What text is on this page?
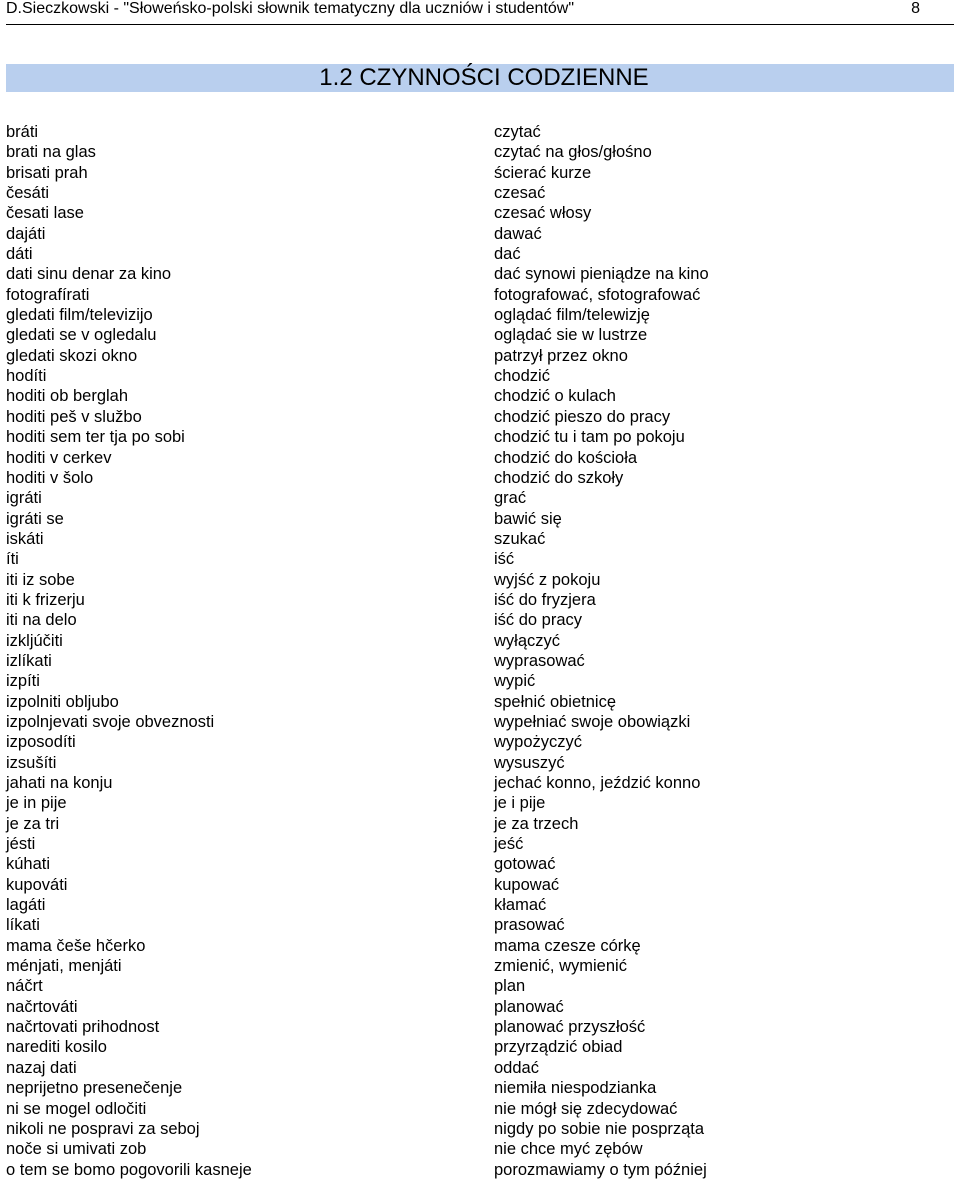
D.Sieczkowski - "Słoweńsko-polski słownik tematyczny dla uczniów i studentów"	8
1.2 CZYNNOŚCI CODZIENNE
bráti	czytać
brati na glas	czytać na głos/głośno
brisati prah	ścierać kurze
česáti	czesać
česati lase	czesać włosy
dajáti	dawać
dáti	dać
dati sinu denar za kino	dać synowi pieniądze na kino
fotografírati	fotografować, sfotografować
gledati film/televizijo	oglądać film/telewizję
gledati se v ogledalu	oglądać sie w lustrze
gledati skozi okno	patrzył przez okno
hodíti	chodzić
hoditi ob berglah	chodzić o kulach
hoditi peš v službo	chodzić pieszo do pracy
hoditi sem ter tja po sobi	chodzić tu i tam po pokoju
hoditi v cerkev	chodzić do kościoła
hoditi v šolo	chodzić do szkoły
igráti	grać
igráti se	bawić się
iskáti	szukać
íti	iść
iti iz sobe	wyjść z pokoju
iti k frizerju	iść do fryzjera
iti na delo	iść do pracy
izkljúčiti	wyłączyć
izlíkati	wyprasować
izpíti	wypić
izpolniti obljubo	spełnić obietnicę
izpolnjevati svoje obveznosti	wypełniać swoje obowiązki
izposodíti	wypożyczyć
izsušíti	wysuszyć
jahati na konju	jechać konno, jeździć konno
je in pije	je i pije
je za tri	je za trzech
jésti	jeść
kúhati	gotować
kupováti	kupować
lagáti	kłamać
líkati	prasować
mama češe hčerko	mama czesze córkę
ménjati, menjáti	zmienić, wymienić
náčrt	plan
načrtováti	planować
načrtovati prihodnost	planować przyszłość
narediti kosilo	przyrządzić obiad
nazaj dati	oddać
neprijetno presenečenje	niemiła niespodzianka
ni se mogel odločiti	nie mógł się zdecydować
nikoli ne pospravi za seboj	nigdy po sobie nie posprząta
noče si umivati zob	nie chce myć zębów
o tem se bomo pogovorili kasneje	porozmawiamy o tym później
